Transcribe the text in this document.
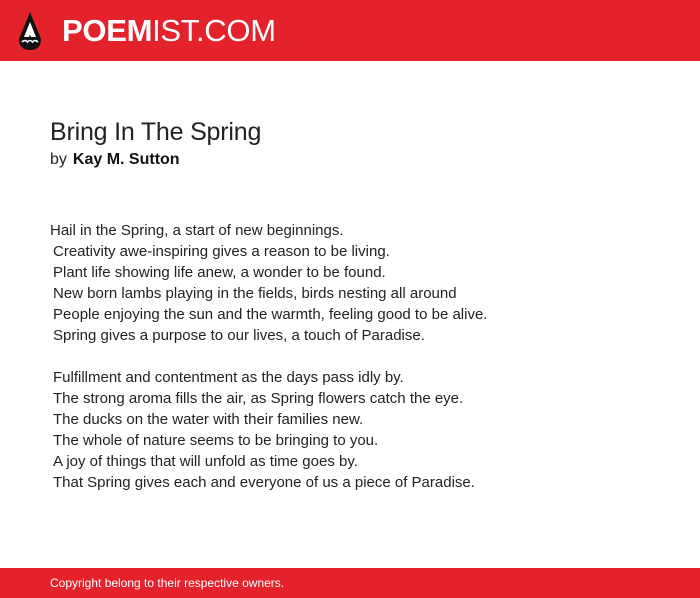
POEMIST.COM
Bring In The Spring
by Kay M. Sutton
Hail in the Spring, a start of new beginnings.
Creativity awe-inspiring gives a reason to be living.
Plant life showing life anew, a wonder to be found.
New born lambs playing in the fields, birds nesting all around
People enjoying the sun and the warmth, feeling good to be alive.
Spring gives a purpose to our lives, a touch of Paradise.
Fulfillment and contentment as the days pass idly by.
The strong aroma fills the air, as Spring flowers catch the eye.
The ducks on the water with their families new.
The whole of nature seems to be bringing to you.
A joy of things that will unfold as time goes by.
That Spring gives each and everyone of us a piece of Paradise.
Copyright belong to their respective owners.
